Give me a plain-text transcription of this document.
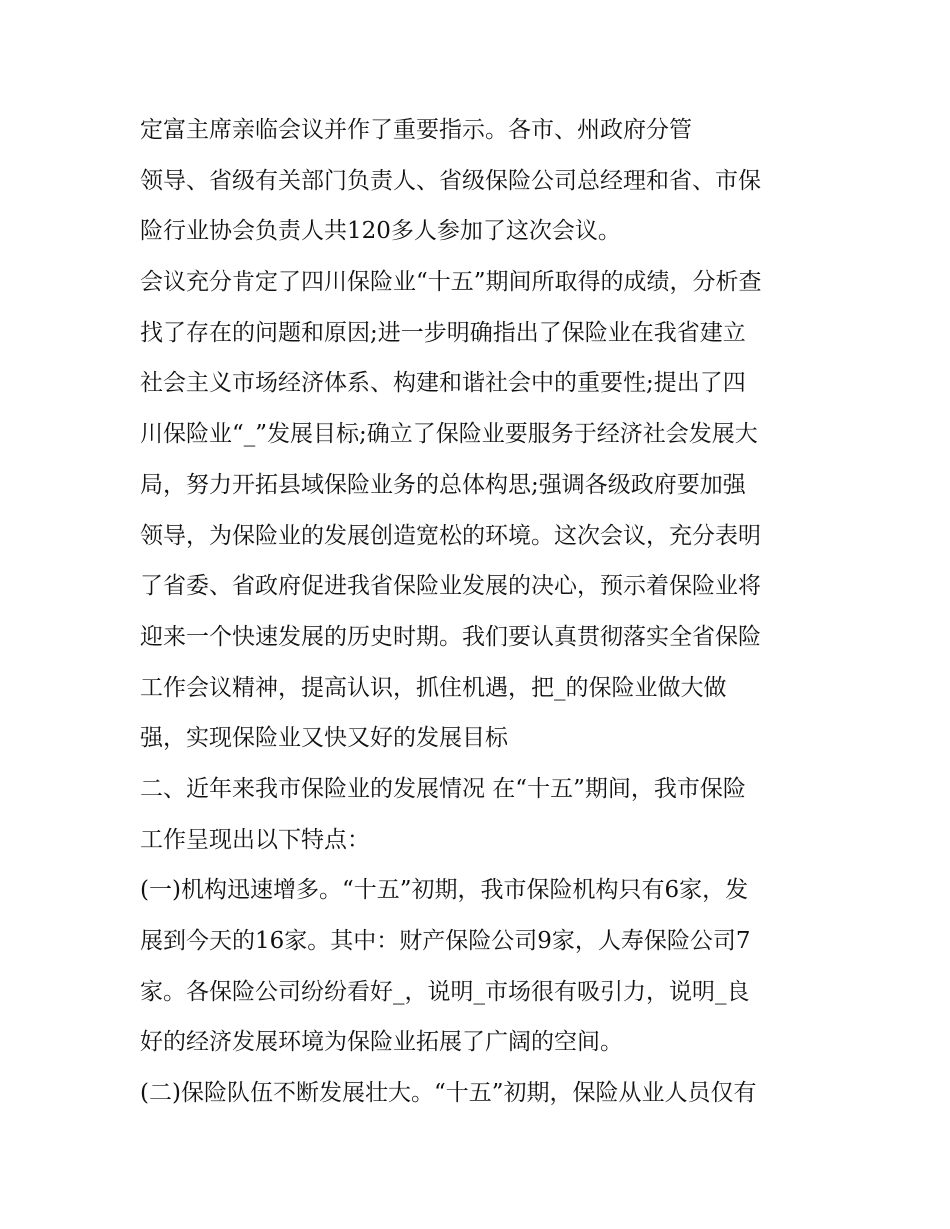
定富主席亲临会议并作了重要指示。各市、州政府分管

领导、省级有关部门负责人、省级保险公司总经理和省、市保

险行业协会负责人共120多人参加了这次会议。

会议充分肯定了四川保险业“十五”期间所取得的成绩，分析查

找了存在的问题和原因;进一步明确指出了保险业在我省建立

社会主义市场经济体系、构建和谐社会中的重要性;提出了四

川保险业“_”发展目标;确立了保险业要服务于经济社会发展大

局，努力开拓县域保险业务的总体构思;强调各级政府要加强

领导，为保险业的发展创造宽松的环境。这次会议，充分表明

了省委、省政府促进我省保险业发展的决心，预示着保险业将

迎来一个快速发展的历史时期。我们要认真贯彻落实全省保险

工作会议精神，提高认识，抓住机遇，把_的保险业做大做

强，实现保险业又快又好的发展目标

二、近年来我市保险业的发展情况 在“十五”期间，我市保险

工作呈现出以下特点：

(一)机构迅速增多。“十五”初期，我市保险机构只有6家，发

展到今天的16家。其中：财产保险公司9家，人寿保险公司7

家。各保险公司纷纷看好_，说明_市场很有吸引力，说明_良

好的经济发展环境为保险业拓展了广阔的空间。

(二)保险队伍不断发展壮大。“十五”初期，保险从业人员仅有
